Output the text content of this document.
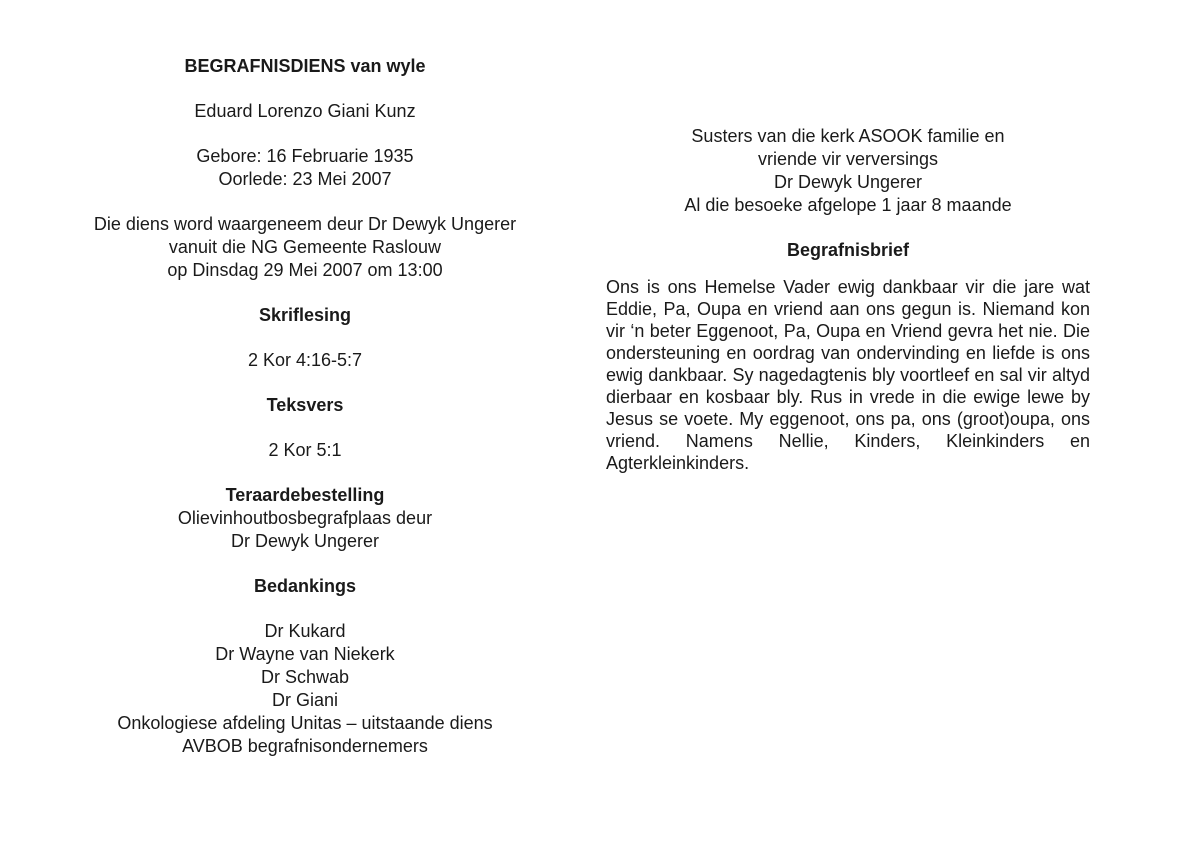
BEGRAFNISDIENS van wyle
Eduard Lorenzo Giani Kunz
Gebore: 16 Februarie 1935
Oorlede: 23 Mei 2007
Die diens word waargeneem deur Dr Dewyk Ungerer
vanuit die NG Gemeente Raslouw
op Dinsdag 29 Mei 2007 om 13:00
Skriflesing
2 Kor 4:16-5:7
Teksvers
2 Kor 5:1
Teraardebestelling
Olievinhoutbosbegrafplaas deur
Dr Dewyk Ungerer
Bedankings
Dr Kukard
Dr Wayne van Niekerk
Dr Schwab
Dr Giani
Onkologiese afdeling Unitas – uitstaande diens
AVBOB begrafnisondernemers
Susters van die kerk ASOOK familie en
vriende vir verversings
Dr Dewyk Ungerer
Al die besoeke afgelope 1 jaar 8 maande
Begrafnisbrief
Ons is ons Hemelse Vader ewig dankbaar vir die jare wat Eddie, Pa, Oupa en vriend aan ons gegun is. Niemand kon vir ‘n beter Eggenoot, Pa, Oupa en Vriend gevra het nie. Die ondersteuning en oordrag van ondervinding en liefde is ons ewig dankbaar. Sy nagedagtenis bly voortleef en sal vir altyd dierbaar en kosbaar bly. Rus in vrede in die ewige lewe by Jesus se voete. My eggenoot, ons pa, ons (groot)oupa, ons vriend. Namens Nellie, Kinders, Kleinkinders en Agterkleinkinders.
